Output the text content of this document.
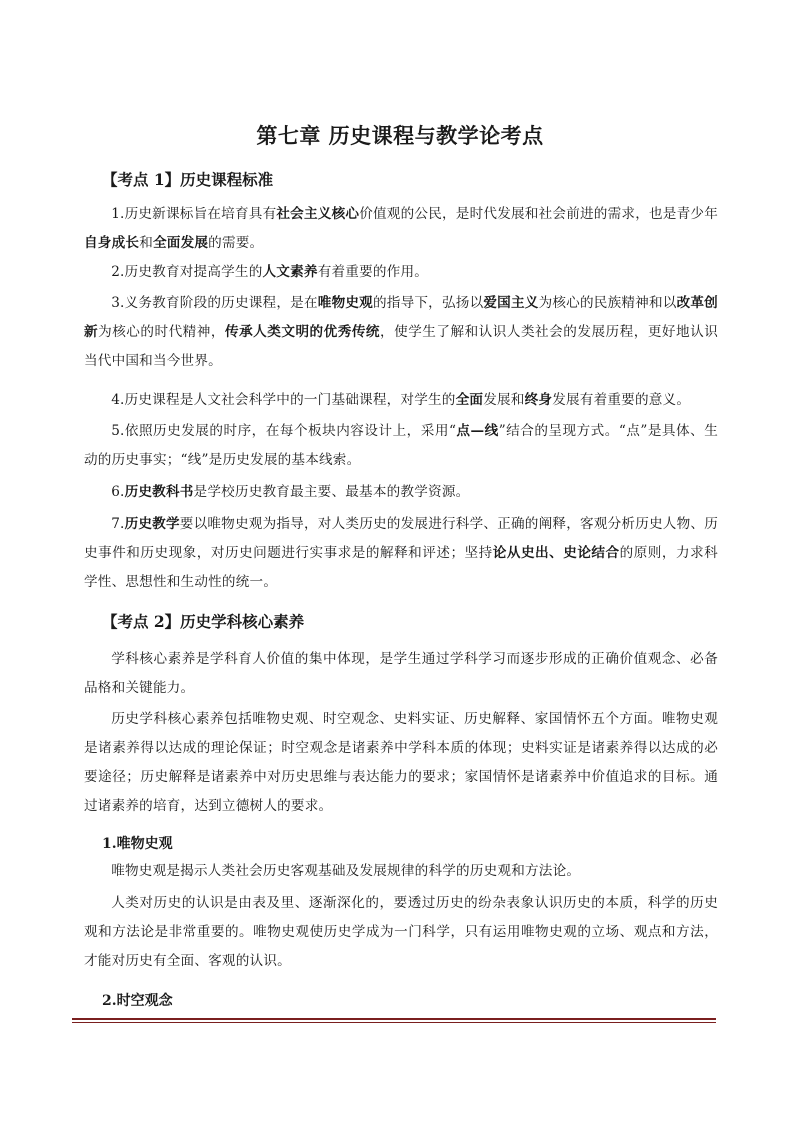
第七章 历史课程与教学论考点
【考点 1】历史课程标准
1.历史新课标旨在培育具有社会主义核心价值观的公民，是时代发展和社会前进的需求，也是青少年自身成长和全面发展的需要。
2.历史教育对提高学生的人文素养有着重要的作用。
3.义务教育阶段的历史课程，是在唯物史观的指导下，弘扬以爱国主义为核心的民族精神和以改革创新为核心的时代精神，传承人类文明的优秀传统，使学生了解和认识人类社会的发展历程，更好地认识当代中国和当今世界。
4.历史课程是人文社会科学中的一门基础课程，对学生的全面发展和终身发展有着重要的意义。
5.依照历史发展的时序，在每个板块内容设计上，采用“点—线”结合的呈现方式。“点”是具体、生动的历史事实；“线”是历史发展的基本线索。
6.历史教科书是学校历史教育最主要、最基本的教学资源。
7.历史教学要以唯物史观为指导，对人类历史的发展进行科学、正确的阐释，客观分析历史人物、历史事件和历史现象，对历史问题进行实事求是的解释和评述；坚持论从史出、史论结合的原则，力求科学性、思想性和生动性的统一。
【考点 2】历史学科核心素养
学科核心素养是学科育人价值的集中体现，是学生通过学科学习而逐步形成的正确价值观念、必备品格和关键能力。
历史学科核心素养包括唯物史观、时空观念、史料实证、历史解释、家国情怀五个方面。唯物史观是诸素养得以达成的理论保证；时空观念是诸素养中学科本质的体现；史料实证是诸素养得以达成的必要途径；历史解释是诸素养中对历史思维与表达能力的要求；家国情怀是诸素养中价值追求的目标。通过诸素养的培育，达到立德树人的要求。
1.唯物史观
唯物史观是揭示人类社会历史客观基础及发展规律的科学的历史观和方法论。
人类对历史的认识是由表及里、逐渐深化的，要透过历史的纷杂表象认识历史的本质，科学的历史观和方法论是非常重要的。唯物史观使历史学成为一门科学，只有运用唯物史观的立场、观点和方法，才能对历史有全面、客观的认识。
2.时空观念
